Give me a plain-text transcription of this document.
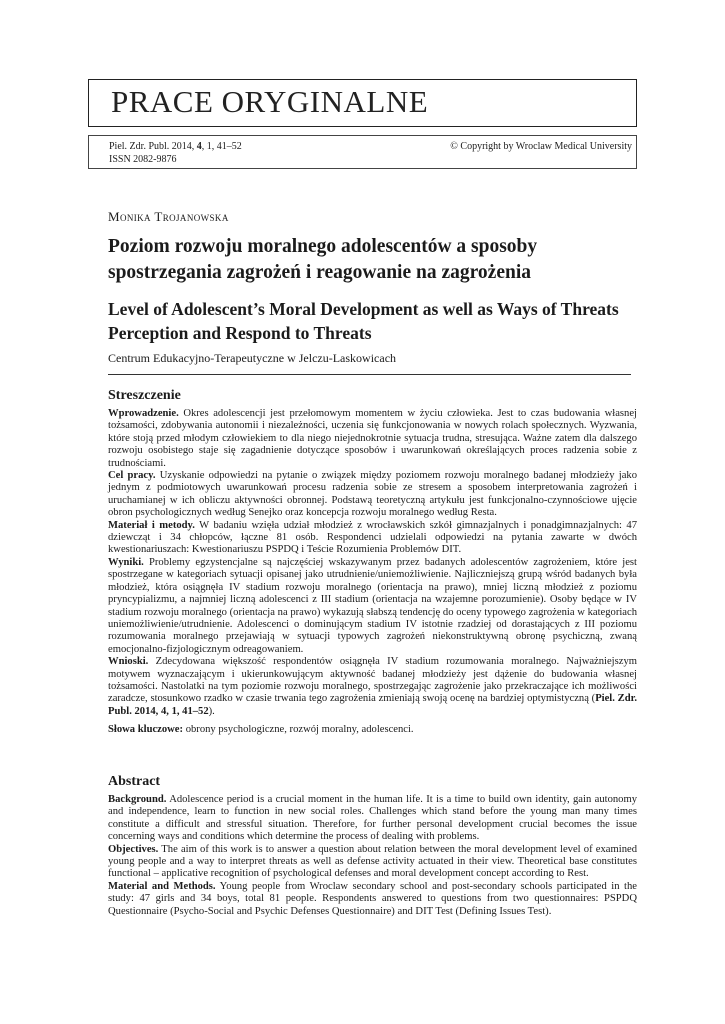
PRACE ORYGINALNE
Piel. Zdr. Publ. 2014, 4, 1, 41–52
ISSN 2082-9876
© Copyright by Wroclaw Medical University
Monika Trojanowska
Poziom rozwoju moralnego adolescentów a sposoby spostrzegania zagrożeń i reagowanie na zagrożenia
Level of Adolescent’s Moral Development as well as Ways of Threats Perception and Respond to Threats
Centrum Edukacyjno-Terapeutyczne w Jelczu-Laskowicach
Streszczenie

Wprowadzenie. Okres adolescencji jest przełomowym momentem w życiu człowieka. Jest to czas budowania własnej tożsamości, zdobywania autonomii i niezależności, uczenia się funkcjonowania w nowych rolach społecznych. Wyzwania, które stoją przed młodym człowiekiem to dla niego niejednokrotnie sytuacja trudna, stresująca. Ważne zatem dla dalszego rozwoju osobistego staje się zagadnienie dotyczące sposobów i uwarunkowań określających proces radzenia sobie z trudnościami.

Cel pracy. Uzyskanie odpowiedzi na pytanie o związek między poziomem rozwoju moralnego badanej młodzieży jako jednym z podmiotowych uwarunkowań procesu radzenia sobie ze stresem a sposobem interpretowania zagrożeń i uruchamianej w ich obliczu aktywności obronnej. Podstawą teoretyczną artykułu jest funkcjonalno-czynnościowe ujęcie obron psychologicznych według Senejko oraz koncepcja rozwoju moralnego według Resta.

Materiał i metody. W badaniu wzięła udział młodzież z wrocławskich szkół gimnazjalnych i ponadgimnazjalnych: 47 dziewcząt i 34 chłopców, łączne 81 osób. Respondenci udzielali odpowiedzi na pytania zawarte w dwóch kwestionariuszach: Kwestionariuszu PSPDQ i Teście Rozumienia Problemów DIT.

Wyniki. Problemy egzystencjalne są najczęściej wskazywanym przez badanych adolescentów zagrożeniem, które jest spostrzegane w kategoriach sytuacji opisanej jako utrudnienie/uniemożliwienie. Najliczniejszą grupą wśród badanych była młodzież, która osiągnęła IV stadium rozwoju moralnego (orientacja na prawo), mniej liczną młodzież z poziomu pryncypializmu, a najmniej liczną adolescenci z III stadium (orientacja na wzajemne porozumienie). Osoby będące w IV stadium rozwoju moralnego (orientacja na prawo) wykazują słabszą tendencję do oceny typowego zagrożenia w kategoriach uniemożliwienie/utrudnienie. Adolescenci o dominującym stadium IV istotnie rzadziej od dorastających z III poziomu rozumowania moralnego przejawiają w sytuacji typowych zagrożeń niekonstruktywną obronę psychiczną, zwaną emocjonalno-fizjologicznym odreagowaniem.

Wnioski. Zdecydowana większość respondentów osiągnęła IV stadium rozumowania moralnego. Najważniejszym motywem wyznaczającym i ukierunkowującym aktywność badanej młodzieży jest dążenie do budowania własnej tożsamości. Nastolatki na tym poziomie rozwoju moralnego, spostrzegając zagrożenie jako przekraczające ich możliwości zaradcze, stosunkowo rzadko w czasie trwania tego zagrożenia zmieniają swoją ocenę na bardziej optymistyczną (Piel. Zdr. Publ. 2014, 4, 1, 41–52).

Słowa kluczowe: obrony psychologiczne, rozwój moralny, adolescenci.
Abstract

Background. Adolescence period is a crucial moment in the human life. It is a time to build own identity, gain autonomy and independence, learn to function in new social roles. Challenges which stand before the young man many times constitute a difficult and stressful situation. Therefore, for further personal development crucial becomes the issue concerning ways and conditions which determine the process of dealing with problems.

Objectives. The aim of this work is to answer a question about relation between the moral development level of examined young people and a way to interpret threats as well as defense activity actuated in their view. Theoretical base constitutes functional – applicative recognition of psychological defenses and moral development concept according to Rest.

Material and Methods. Young people from Wroclaw secondary school and post-secondary schools participated in the study: 47 girls and 34 boys, total 81 people. Respondents answered to questions from two questionnaires: PSPDQ Questionnaire (Psycho-Social and Psychic Defenses Questionnaire) and DIT Test (Defining Issues Test).
